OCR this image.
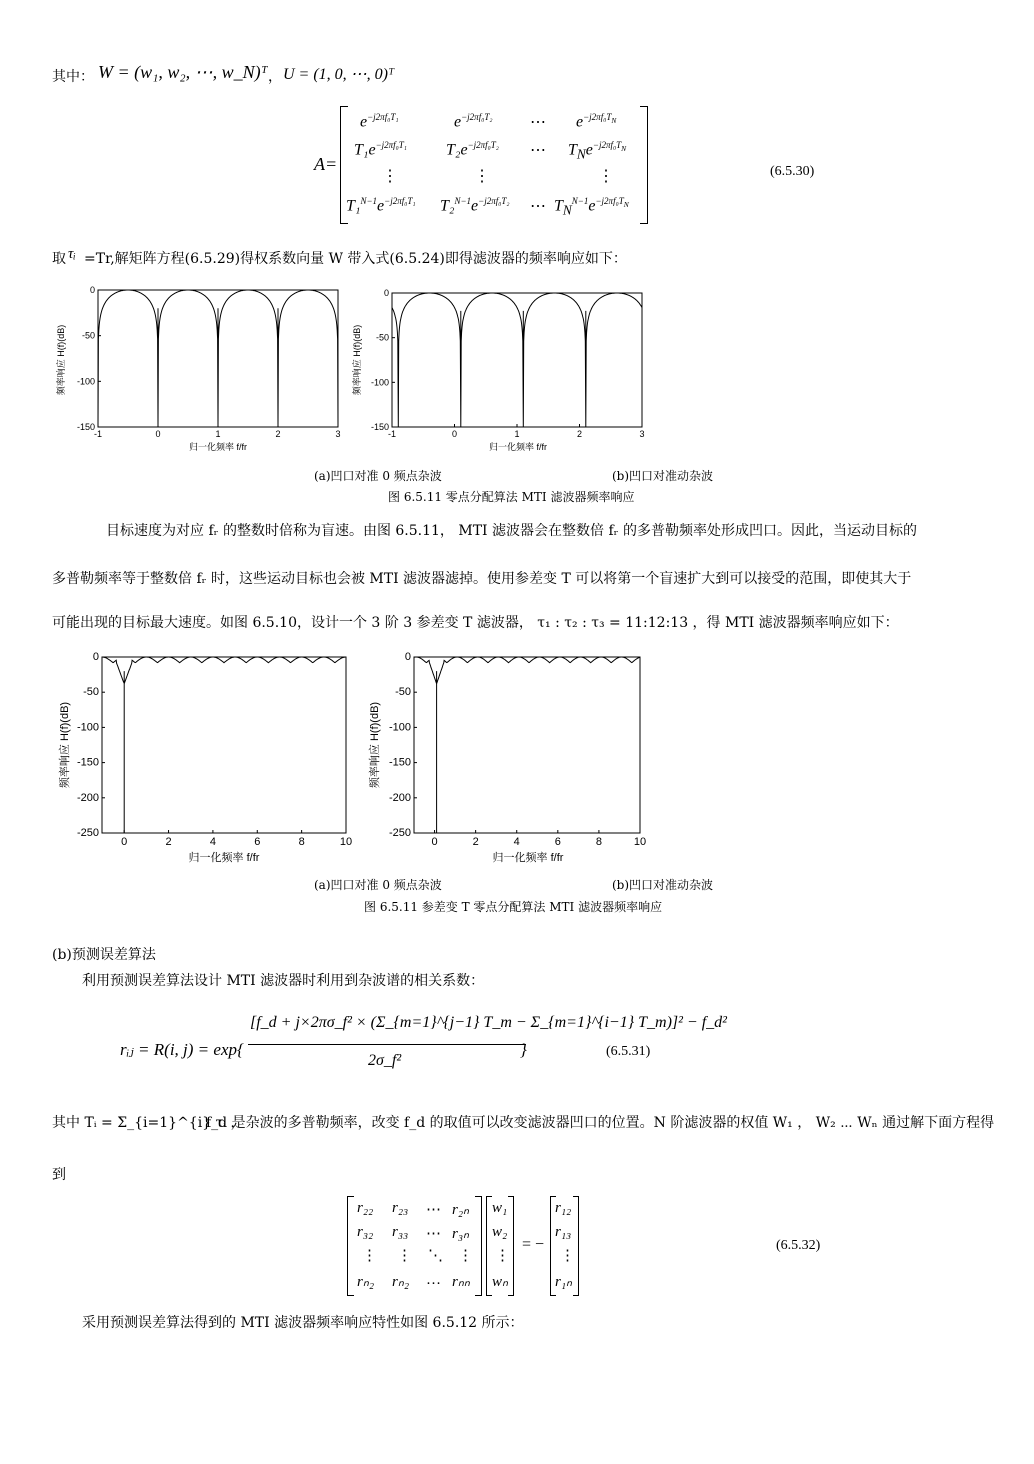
其中： W = (w₁, w₂, ⋯, w_N)ᵀ ， U = (1, 0, ⋯, 0)ᵀ
A=
$e^{-j2\pi f_0T_1}$	$e^{-j2\pi f_0T_2}$ ⋯ $e^{-j2\pi f_0T_N}$
$T_1e^{-j2\pi f_0T_1}$ $T_2e^{-j2\pi f_0T_2}$ ⋯ $T_Ne^{-j2\pi f_0T_N}$
⋮	⋮	⋮
$T_1^{N-1}e^{-j2\pi f_0T_1}$ $T_2^{N-1}e^{-j2\pi f_0T_2}$ ⋯ $T_N^{N-1}e^{-j2\pi f_0T_N}$
(6.5.30)
取 τᵢ =Tr,解矩阵方程(6.5.29)得权系数向量 W 带入式(6.5.24)即得滤波器的频率响应如下：
0
-50
-100
-150
-1	0	1	2	3
频率响应 H(f)(dB)
归一化频率 f/fr
0
-50
-100
-150
-1	0	1	2	3
频率响应 H(f)(dB)
归一化频率 f/fr
(a)凹口对准 0 频点杂波	(b)凹口对准动杂波
图 6.5.11 零点分配算法 MTI 滤波器频率响应
目标速度为对应 fᵣ 的整数时倍称为盲速。由图 6.5.11， MTI 滤波器会在整数倍 fᵣ 的多普勒频率处形成凹口。因此，当运动目标的
多普勒频率等于整数倍 fᵣ 时，这些运动目标也会被 MTI 滤波器滤掉。使用参差变 T 可以将第一个盲速扩大到可以接受的范围，即使其大于
可能出现的目标最大速度。如图 6.5.10，设计一个 3 阶 3 参差变 T 滤波器， τ₁ : τ₂ : τ₃ = 11:12:13 ，得 MTI 滤波器频率响应如下：
0
-50
-100
-150
-200
-250
0	2	4	6	8	10
频率响应 H(f)(dB)
归一化频率 f/fr
0
-50
-100
-150
-200
-250
0	2	4	6	8	10
频率响应 H(f)(dB)
归一化频率 f/fr
(a)凹口对准 0 频点杂波	(b)凹口对准动杂波
图 6.5.11 参差变 T 零点分配算法 MTI 滤波器频率响应
(b)预测误差算法
利用预测误差算法设计 MTI 滤波器时利用到杂波谱的相关系数：
rᵢⱼ = R(i, j) = exp{
[f_d + j×2πσ_f² × (Σ_{m=1}^{j−1} T_m − Σ_{m=1}^{i−1} T_m)]² − f_d²
2σ_f²
}	(6.5.31)
其中 Tᵢ = Σ_{i=1}^{i} τᵢ ，
f_d 是杂波的多普勒频率，改变 f_d 的取值可以改变滤波器凹口的位置。N 阶滤波器的权值 W₁ ， W₂ ⋯ Wₙ 通过解下面方程得
到
r₂₂ r₂₃ ⋯ r₂ₙ
r₃₂ r₃₃ ⋯ r₃ₙ
⋮ ⋮ ⋱ ⋮
rₙ₂ rₙ₂ … rₙₙ
w₁
w₂
⋮
wₙ
= −
r₁₂
r₁₃
⋮
r₁ₙ
(6.5.32)
采用预测误差算法得到的 MTI 滤波器频率响应特性如图 6.5.12 所示：
